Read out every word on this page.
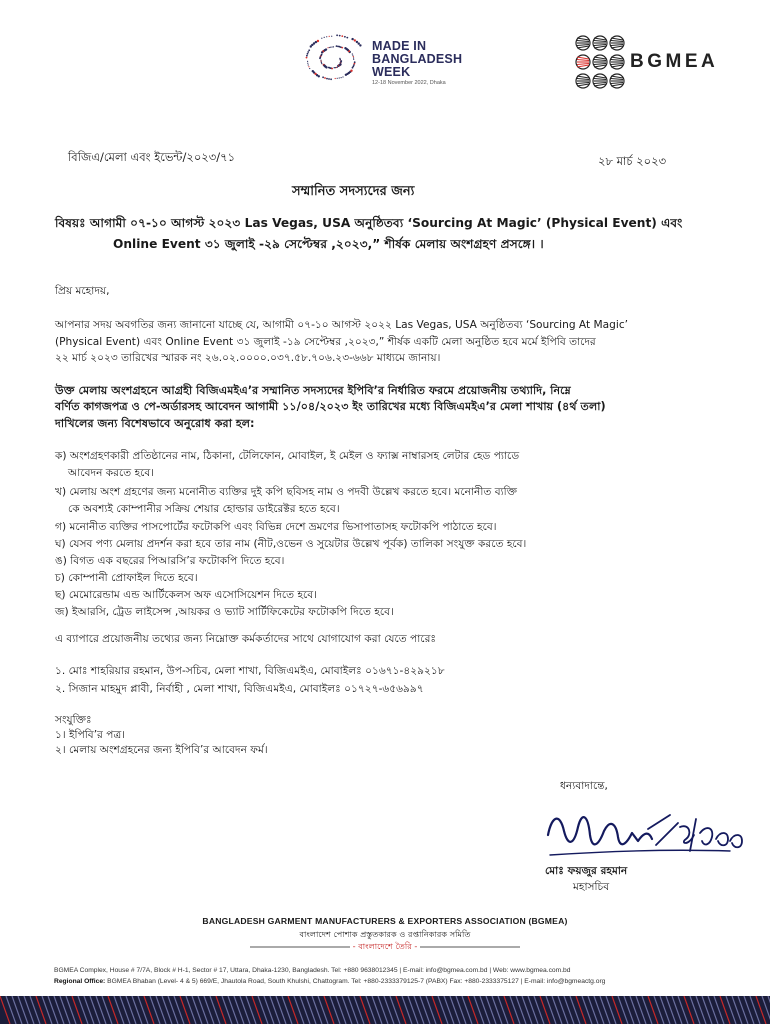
MADE IN
BANGLADESH
WEEK
12-18 November 2022, Dhaka
BGMEA
বিজিএ/মেলা এবং ইভেন্ট/২০২৩/৭১	২৮ মার্চ ২০২৩
সম্মানিত সদস্যদের জন্য
বিষয়ঃ আগামী ০৭-১০ আগস্ট ২০২৩ Las Vegas, USA অনুষ্ঠিতব্য ‘Sourcing At Magic’ (Physical Event) এবং
Online Event ৩১ জুলাই -২৯ সেপ্টেম্বর ,২০২৩,” শীর্ষক মেলায় অংশগ্রহণ প্রসঙ্গে। ।
প্রিয় মহোদয়,
আপনার সদয় অবগতির জন্য জানানো যাচ্ছে যে, আগামী ০৭-১০ আগস্ট ২০২২ Las Vegas, USA অনুষ্ঠিতব্য ‘Sourcing At Magic’
(Physical Event) এবং Online Event ৩১ জুলাই -১৯ সেপ্টেম্বর ,২০২৩,” শীর্ষক একটি মেলা অনুষ্ঠিত হবে মর্মে ইপিবি তাদের
২২ মার্চ ২০২৩ তারিখের স্মারক নং ২৬.০২.০০০০.০৩৭.৫৮.৭০৬.২৩-৬৬৮ মাধ্যমে জানায়।
উক্ত মেলায় অংশগ্রহনে আগ্রহী বিজিএমইএ’র সম্মানিত সদস্যদের ইপিবি’র নির্ধারিত ফরমে প্রয়োজনীয় তথ্যাদি, নিম্নে
বর্ণিত কাগজপত্র ও পে-অর্ডারসহ আবেদন আগামী ১১/০৪/২০২৩ ইং তারিখের মধ্যে বিজিএমইএ’র মেলা শাখায় (৪র্থ তলা)
দাখিলের জন্য বিশেষভাবে অনুরোধ করা হল:
ক) অংশগ্রহণকারী প্রতিষ্ঠানের নাম, ঠিকানা, টেলিফোন, মোবাইল, ই মেইল ও ফ্যাক্স নাম্বারসহ লেটার হেড প্যাডে
আবেদন করতে হবে।
খ) মেলায় অংশ গ্রহণের জন্য মনোনীত ব্যক্তির দুই কপি ছবিসহ নাম ও পদবী উল্লেখ করতে হবে। মনোনীত ব্যক্তি
কে অবশ্যই কোম্পানীর সক্রিয় শেয়ার হোল্ডার ডাইরেক্টর হতে হবে।
গ) মনোনীত ব্যক্তির পাসপোর্টের ফটোকপি এবং বিভিন্ন দেশে ভ্রমণের ভিসাপাতাসহ ফটোকপি পাঠাতে হবে।
ঘ) যেসব পণ্য মেলায় প্রদর্শন করা হবে তার নাম (নীট,ওভেন ও সুয়েটার উল্লেখ পূর্বক) তালিকা সংযুক্ত করতে হবে।
ঙ) বিগত এক বছরের পিআরসি’র ফটোকপি দিতে হবে।
চ) কোম্পানী প্রোফাইল দিতে হবে।
ছ) মেমোরেন্ডাম এন্ড আর্টিকেলস অফ এসোসিয়েশন দিতে হবে।
জ) ইআরসি, ট্রেড লাইসেন্স ,আয়কর ও ভ্যাট সার্টিফিকেটের ফটোকপি দিতে হবে।
এ ব্যাপারে প্রয়োজনীয় তথ্যের জন্য নিম্নোক্ত কর্মকর্তাদের সাথে যোগাযোগ করা যেতে পারেঃ
১. মোঃ শাহরিয়ার রহমান, উপ-সচিব, মেলা শাখা, বিজিএমইএ, মোবাইলঃ ০১৬৭১-৪২৯২১৮
২. সিজান মাহমুদ প্লাবী, নির্বাহী , মেলা শাখা, বিজিএমইএ, মোবাইলঃ ০১৭২৭-৬৫৬৯৯৭
সংযুক্তিঃ
১। ইপিবি’র পত্র।
২। মেলায় অংশগ্রহনের জন্য ইপিবি’র আবেদন ফর্ম।
ধন্যবাদান্তে,
মোঃ ফয়জুর রহমান
মহাসচিব
BANGLADESH GARMENT MANUFACTURERS & EXPORTERS ASSOCIATION (BGMEA)
বাংলাদেশ পোশাক প্রস্তুতকারক ও রপ্তানিকারক সমিতি
- বাংলাদেশে তৈরি -
BGMEA Complex, House # 7/7A, Block # H-1, Sector # 17, Uttara, Dhaka-1230, Bangladesh. Tel: +880 9638012345 | E-mail: info@bgmea.com.bd | Web: www.bgmea.com.bd
Regional Office: BGMEA Bhaban (Level- 4 & 5) 669/E, Jhautola Road, South Khulshi, Chattogram. Tel: +880-2333379125-7 (PABX) Fax: +880-2333375127 | E-mail: info@bgmeactg.org
